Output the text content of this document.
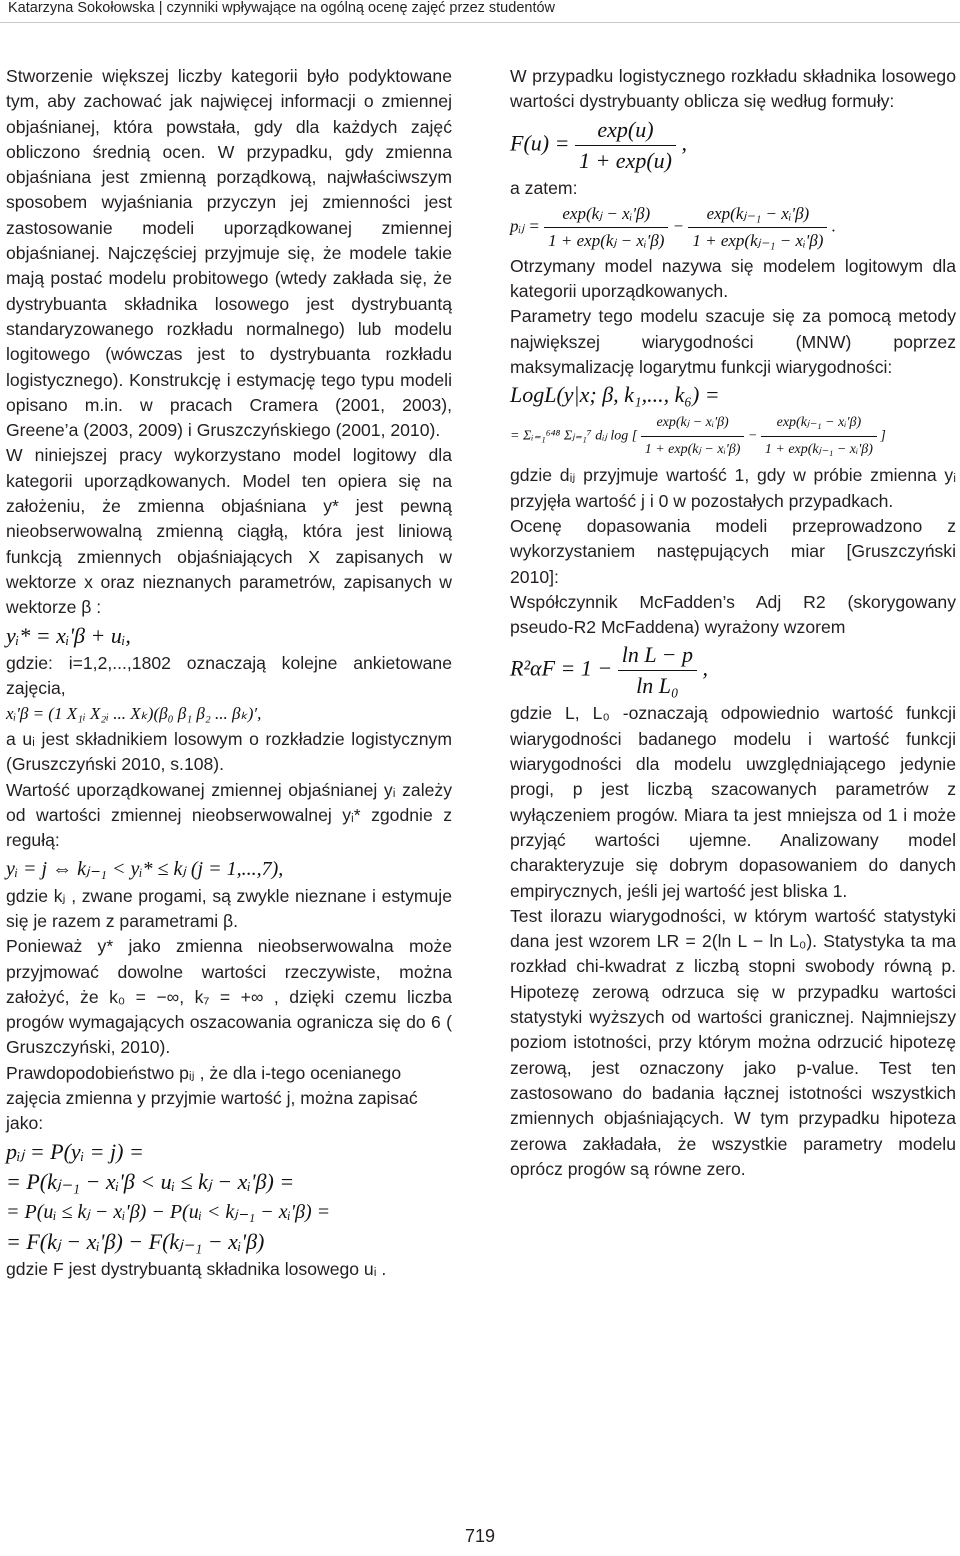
Katarzyna Sokołowska | czynniki wpływające na ogólną ocenę zajęć przez studentów

Stworzenie większej liczby kategorii było podyktowane tym, aby zachować jak najwięcej informacji o zmiennej objaśnianej, która powstała, gdy dla każdych zajęć obliczono średnią ocen. W przypadku, gdy zmienna objaśniana jest zmienną porządkową, najwłaściwszym sposobem wyjaśniania przyczyn jej zmienności jest zastosowanie modeli uporządkowanej zmiennej objaśnianej. Najczęściej przyjmuje się, że modele takie mają postać modelu probitowego (wtedy zakłada się, że dystrybuanta składnika losowego jest dystrybuantą standaryzowanego rozkładu normalnego) lub modelu logitowego (wówczas jest to dystrybuanta rozkładu logistycznego). Konstrukcję i estymację tego typu modeli opisano m.in. w pracach Cramera (2001, 2003), Greene’a (2003, 2009) i Gruszczyńskiego (2001, 2010).

W niniejszej pracy wykorzystano model logitowy dla kategorii uporządkowanych. Model ten opiera się na założeniu, że zmienna objaśniana y* jest pewną nieobserwowalną zmienną ciągłą, która jest liniową funkcją zmiennych objaśniających X zapisanych w wektorze x oraz nieznanych parametrów, zapisanych w wektorze β :

yᵢ* = xᵢ'β + uᵢ,

gdzie: i=1,2,...,1802 oznaczają kolejne ankietowane zajęcia,

xᵢ'β = (1 X₁ᵢ X₂ᵢ ... Xₖ)(β₀ β₁ β₂ ... βₖ)′,

a uᵢ jest składnikiem losowym o rozkładzie logistycznym (Gruszczyński 2010, s.108).

Wartość uporządkowanej zmiennej objaśnianej yᵢ zależy od wartości zmiennej nieobserwowalnej yᵢ* zgodnie z regułą:

yᵢ = j ⇔ kⱼ₋₁ < yᵢ* ≤ kⱼ (j = 1,...,7),

gdzie kⱼ , zwane progami, są zwykle nieznane i estymuje się je razem z parametrami β.

Ponieważ y* jako zmienna nieobserwowalna może przyjmować dowolne wartości rzeczywiste, można założyć, że k₀ = −∞, k₇ = +∞ , dzięki czemu liczba progów wymagających oszacowania ogranicza się do 6 ( Gruszczyński, 2010).

Prawdopodobieństwo pᵢⱼ , że dla i-tego ocenianego zajęcia zmienna y przyjmie wartość j, można zapisać jako:

pᵢⱼ = P(yᵢ = j) =
= P(kⱼ₋₁ − xᵢ'β < uᵢ ≤ kⱼ − xᵢ'β) =
= P(uᵢ ≤ kⱼ − xᵢ'β) − P(uᵢ < kⱼ₋₁ − xᵢ'β) =
= F(kⱼ − xᵢ'β) − F(kⱼ₋₁ − xᵢ'β)

gdzie F jest dystrybuantą składnika losowego uᵢ .

W przypadku logistycznego rozkładu składnika losowego wartości dystrybuanty oblicza się według formuły:

$F(u) = \frac{\exp(u)}{1 + \exp(u)}$ ,

a zatem:

pᵢⱼ = $\frac{\text{exp(kⱼ − xᵢ'β)}}{\text{1 + exp(kⱼ − xᵢ'β)}} - \frac{\text{exp(kⱼ₋₁ − xᵢ'β)}}{\text{1 + exp(kⱼ₋₁ − xᵢ'β)}}$ .

Otrzymany model nazywa się modelem logitowym dla kategorii uporządkowanych.

Parametry tego modelu szacuje się za pomocą metody największej wiarygodności (MNW) poprzez maksymalizację logarytmu funkcji wiarygodności:

LogL(y|x; β, k₁,..., k₆) =
= Σᵢ₌₁⁶⁴⁸ Σⱼ₌₁⁷ dᵢⱼ log [ $\frac{\text{exp(kⱼ − xᵢ'β)}}{\text{1 + exp(kⱼ − xᵢ'β)}} - \frac{\text{exp(kⱼ₋₁ − xᵢ'β)}}{\text{1 + exp(kⱼ₋₁ − xᵢ'β)}}$ ]

gdzie dᵢⱼ przyjmuje wartość 1, gdy w próbie zmienna yᵢ przyjęła wartość j i 0 w pozostałych przypadkach.

Ocenę dopasowania modeli przeprowadzono z wykorzystaniem następujących miar [Gruszczyński 2010]:

Współczynnik McFadden’s Adj R2 (skorygowany pseudo-R2 McFaddena) wyrażony wzorem

$R^2\alpha F = 1 - \frac{\text{ln L − p}}{\text{ln L₀}}$ ,

gdzie L, L₀ -oznaczają odpowiednio wartość funkcji wiarygodności badanego modelu i wartość funkcji wiarygodności dla modelu uwzględniającego jedynie progi, p jest liczbą szacowanych parametrów z wyłączeniem progów. Miara ta jest mniejsza od 1 i może przyjąć wartości ujemne. Analizowany model charakteryzuje się dobrym dopasowaniem do danych empirycznych, jeśli jej wartość jest bliska 1.

Test ilorazu wiarygodności, w którym wartość statystyki dana jest wzorem LR = 2(ln L − ln L₀). Statystyka ta ma rozkład chi-kwadrat z liczbą stopni swobody równą p. Hipotezę zerową odrzuca się w przypadku wartości statystyki wyższych od wartości granicznej. Najmniejszy poziom istotności, przy którym można odrzucić hipotezę zerową, jest oznaczony jako p-value. Test ten zastosowano do badania łącznej istotności wszystkich zmiennych objaśniających. W tym przypadku hipoteza zerowa zakładała, że wszystkie parametry modelu oprócz progów są równe zero.

719
